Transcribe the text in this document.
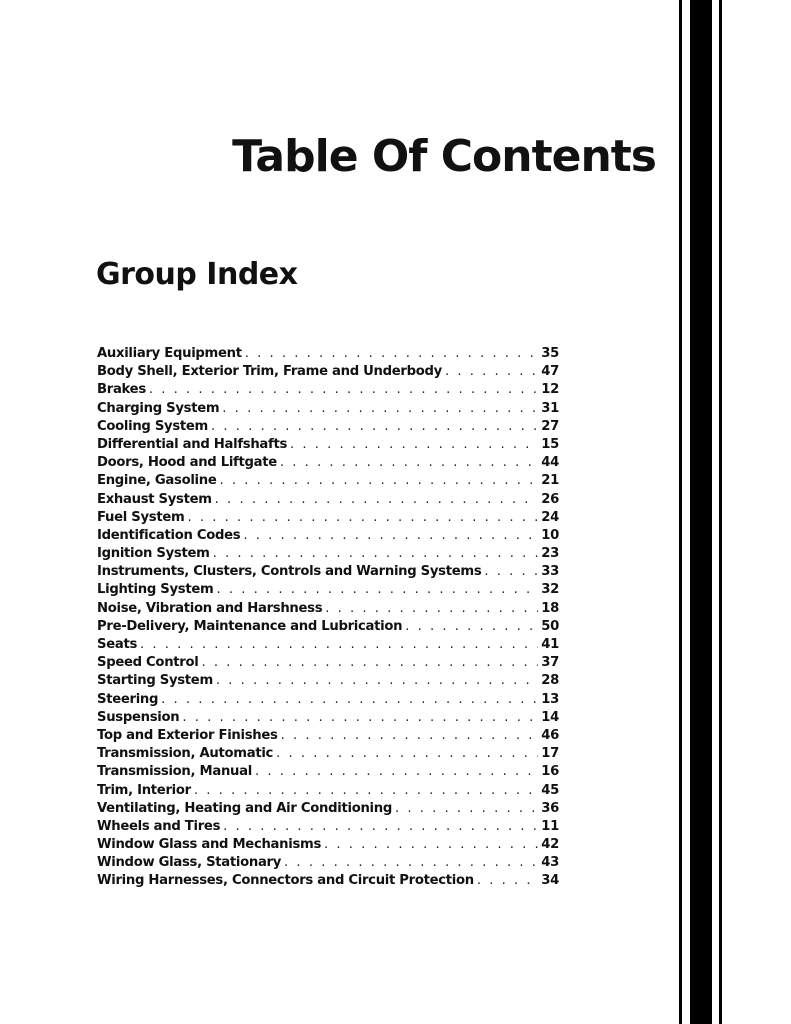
Table Of Contents
Group Index
Auxiliary Equipment . . .	35
Body Shell, Exterior Trim, Frame and Underbody . . .	47
Brakes . . .	12
Charging System . . .	31
Cooling System . . .	27
Differential and Halfshafts . . .	15
Doors, Hood and Liftgate . . .	44
Engine, Gasoline . . .	21
Exhaust System . . .	26
Fuel System . . .	24
Identification Codes . . .	10
Ignition System . . .	23
Instruments, Clusters, Controls and Warning Systems . . .	33
Lighting System . . .	32
Noise, Vibration and Harshness . . .	18
Pre-Delivery, Maintenance and Lubrication . . .	50
Seats . . .	41
Speed Control . . .	37
Starting System . . .	28
Steering . . .	13
Suspension . . .	14
Top and Exterior Finishes . . .	46
Transmission, Automatic . . .	17
Transmission, Manual . . .	16
Trim, Interior . . .	45
Ventilating, Heating and Air Conditioning . . .	36
Wheels and Tires . . .	11
Window Glass and Mechanisms . . .	42
Window Glass, Stationary . . .	43
Wiring Harnesses, Connectors and Circuit Protection . . .	34
